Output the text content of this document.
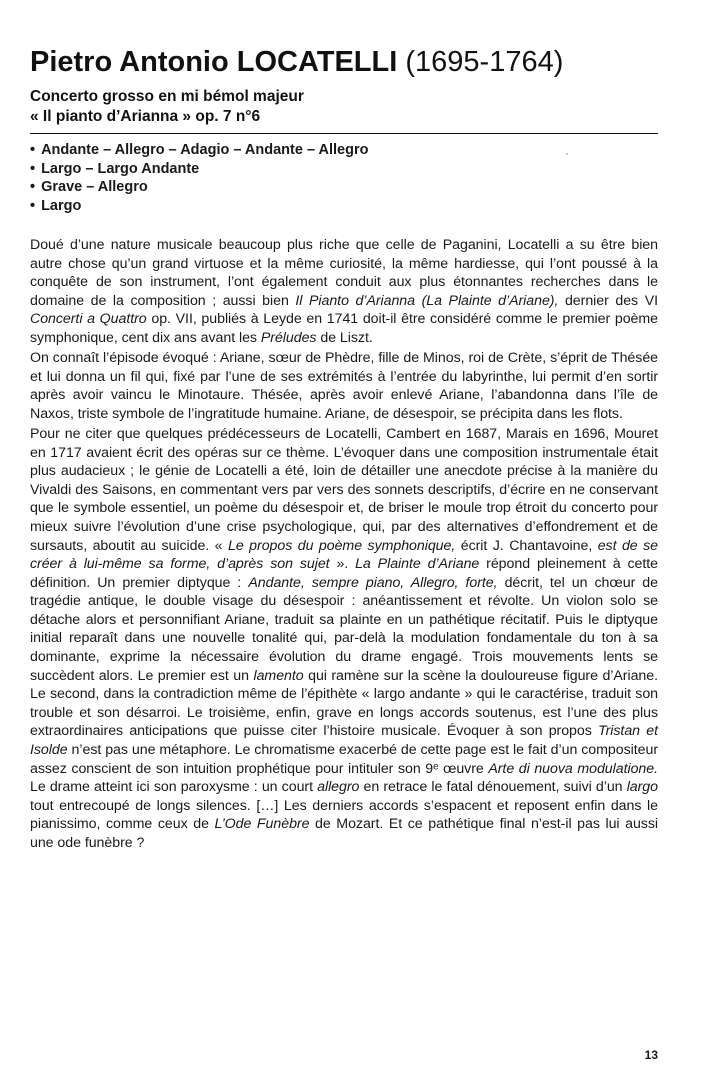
Pietro Antonio LOCATELLI (1695-1764)
Concerto grosso en mi bémol majeur
« Il pianto d’Arianna » op. 7 n°6
• Andante – Allegro – Adagio – Andante – Allegro
• Largo – Largo Andante
• Grave – Allegro
• Largo
ʼ

Doué d’une nature musicale beaucoup plus riche que celle de Paganini, Locatelli a su être bien autre chose qu’un grand virtuose et la même curiosité, la même hardiesse, qui l’ont poussé à la conquête de son instrument, l’ont également conduit aux plus étonnantes recherches dans le domaine de la composition ; aussi bien Il Pianto d’Arianna (La Plainte d’Ariane), dernier des VI Concerti a Quattro op. VII, publiés à Leyde en 1741 doit-il être considéré comme le premier poème symphonique, cent dix ans avant les Préludes de Liszt.

On connaît l’épisode évoqué : Ariane, sœur de Phèdre, fille de Minos, roi de Crète, s’éprit de Thésée et lui donna un fil qui, fixé par l’une de ses extrémités à l’entrée du labyrinthe, lui permit d’en sortir après avoir vaincu le Minotaure. Thésée, après avoir enlevé Ariane, l’abandonna dans l’île de Naxos, triste symbole de l’ingratitude humaine. Ariane, de désespoir, se précipita dans les flots.

Pour ne citer que quelques prédécesseurs de Locatelli, Cambert en 1687, Marais en 1696, Mouret en 1717 avaient écrit des opéras sur ce thème. L’évoquer dans une composition instrumentale était plus audacieux ; le génie de Locatelli a été, loin de détailler une anecdote précise à la manière du Vivaldi des Saisons, en commentant vers par vers des sonnets descriptifs, d’écrire en ne conservant que le symbole essentiel, un poème du désespoir et, de briser le moule trop étroit du concerto pour mieux suivre l’évolution d’une crise psychologique, qui, par des alternatives d’effondrement et de sursauts, aboutit au suicide. « Le propos du poème symphonique, écrit J. Chantavoine, est de se créer à lui-même sa forme, d’après son sujet ». La Plainte d’Ariane répond pleinement à cette définition. Un premier diptyque : Andante, sempre piano, Allegro, forte, décrit, tel un chœur de tragédie antique, le double visage du désespoir : anéantissement et révolte. Un violon solo se détache alors et personnifiant Ariane, traduit sa plainte en un pathétique récitatif. Puis le diptyque initial reparaît dans une nouvelle tonalité qui, par-delà la modulation fondamentale du ton à sa dominante, exprime la nécessaire évolution du drame engagé. Trois mouvements lents se succèdent alors. Le premier est un lamento qui ramène sur la scène la douloureuse figure d’Ariane. Le second, dans la contradiction même de l’épithète « largo andante » qui le caractérise, traduit son trouble et son désarroi. Le troisième, enfin, grave en longs accords soutenus, est l’une des plus extraordinaires anticipations que puisse citer l’histoire musicale. Évoquer à son propos Tristan et Isolde n’est pas une métaphore. Le chromatisme exacerbé de cette page est le fait d’un compositeur assez conscient de son intuition prophétique pour intituler son 9ᵉ œuvre Arte di nuova modulatione. Le drame atteint ici son paroxysme : un court allegro en retrace le fatal dénouement, suivi d’un largo tout entrecoupé de longs silences. […] Les derniers accords s’espacent et reposent enfin dans le pianissimo, comme ceux de L’Ode Funèbre de Mozart. Et ce pathétique final n’est-il pas lui aussi une ode funèbre ?

13
